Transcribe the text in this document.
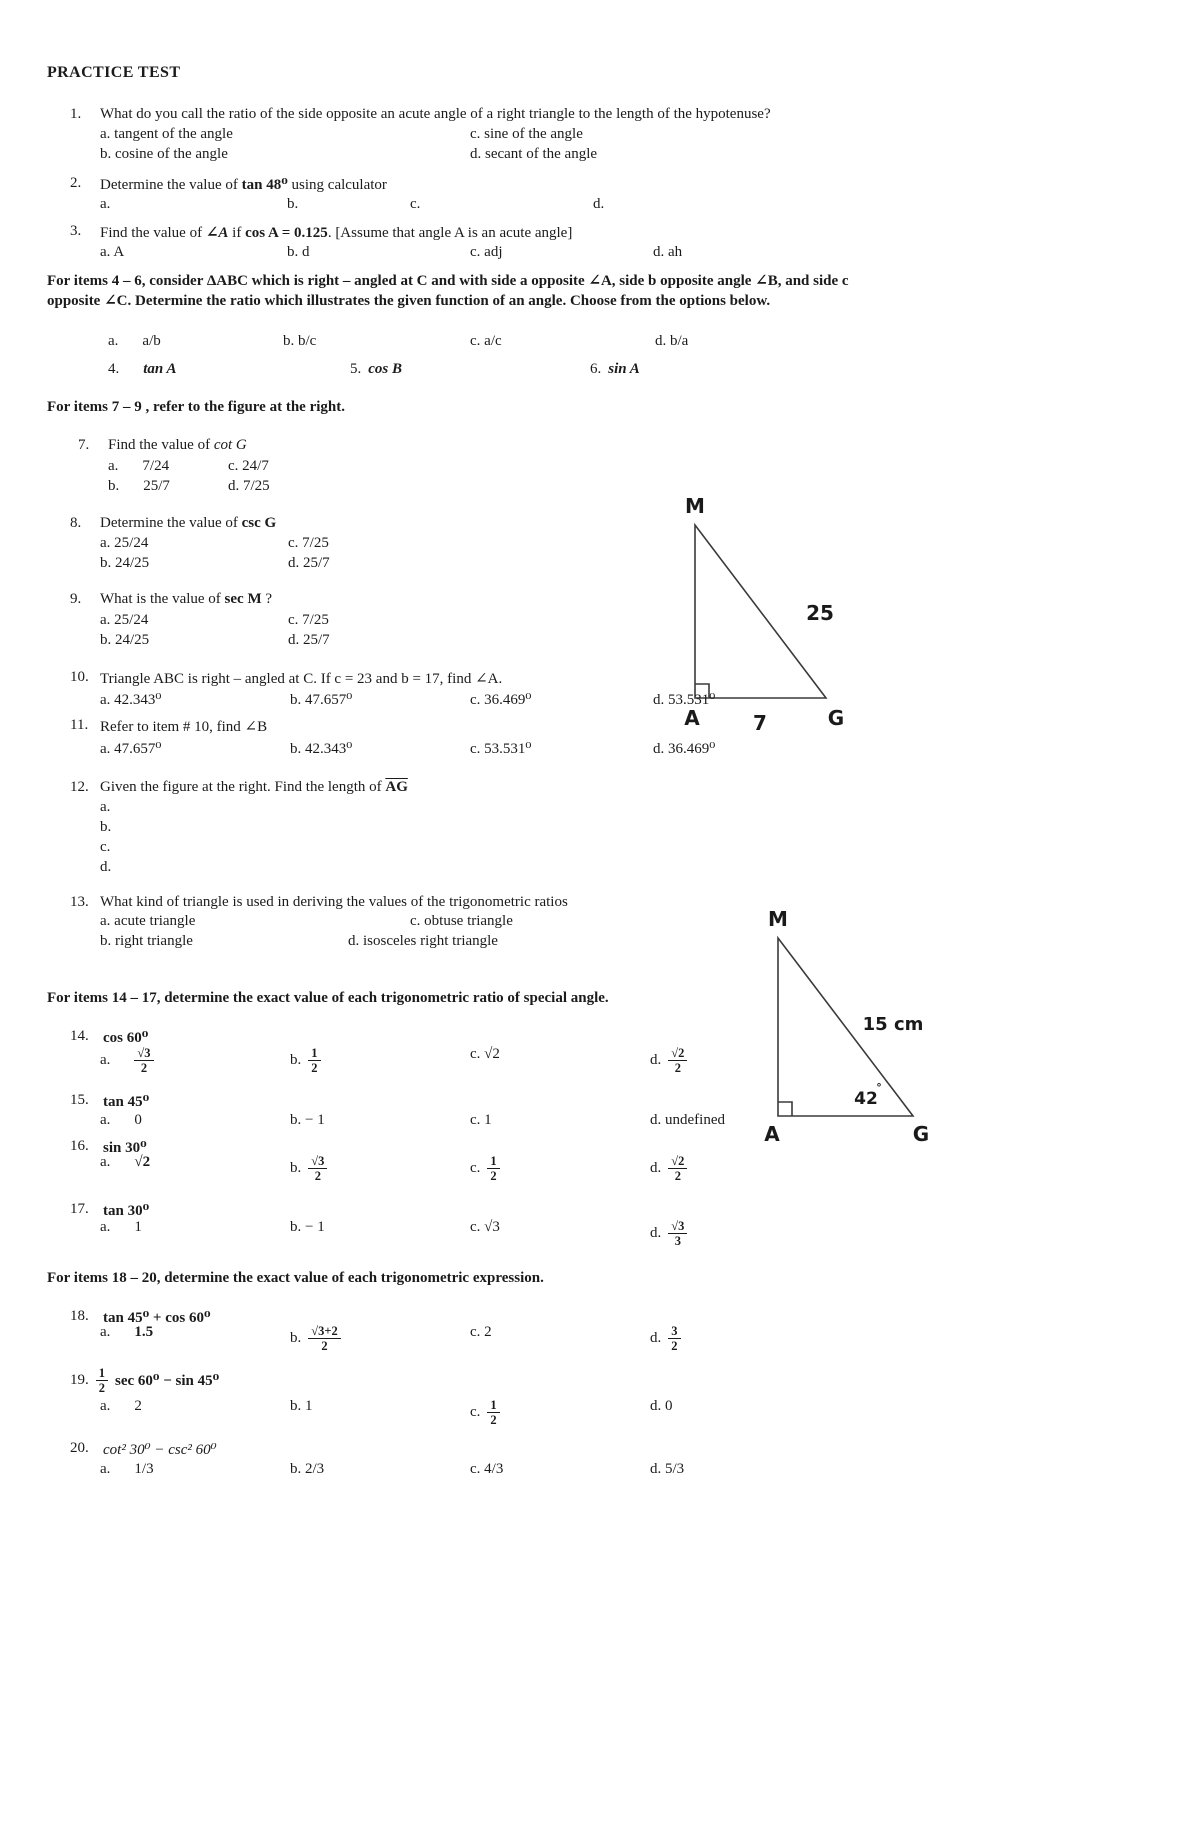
PRACTICE TEST
1. What do you call the ratio of the side opposite an acute angle of a right triangle to the length of the hypotenuse?
a. tangent of the angle	c. sine of the angle
b. cosine of the angle	d. secant of the angle
2. Determine the value of tan 48⁰ using calculator
a.	b.	c.	d.
3. Find the value of ∠A if cos A = 0.125. [Assume that angle A is an acute angle]
a. A	b. d	c. adj	d. ah
For items 4 – 6, consider ΔABC which is right – angled at C and with side a opposite ∠A, side b opposite angle ∠B, and side c
opposite ∠C. Determine the ratio which illustrates the given function of an angle. Choose from the options below.
a. a/b	b. b/c	c. a/c	d. b/a
4. tan A	5. cos B	6. sin A
For items 7 – 9 , refer to the figure at the right.
7. Find the value of cot G
a. 7/24	c. 24/7
b. 25/7	d. 7/25
8. Determine the value of csc G
a. 25/24	c. 7/25
b. 24/25	d. 25/7
9. What is the value of sec M ?
a. 25/24	c. 7/25
b. 24/25	d. 25/7
M
25
A	7	G
10. Triangle ABC is right – angled at C. If c = 23 and b = 17, find ∠A.
a. 42.343⁰	b. 47.657⁰	c. 36.469⁰	d. 53.531⁰
11. Refer to item # 10, find ∠B
a. 47.657⁰	b. 42.343⁰	c. 53.531⁰	d. 36.469⁰
12. Given the figure at the right. Find the length of $\overline{AG}$
a.
b.
c.
d.
13. What kind of triangle is used in deriving the values of the trigonometric ratios
a. acute triangle	c. obtuse triangle
b. right triangle	d. isosceles right triangle
M
15 cm
42
°
A	G
For items 14 – 17, determine the exact value of each trigonometric ratio of special angle.
14. cos 60⁰
a. $\frac{√3}{2}$	b. $\frac{1}{2}$	c. √2	d. $\frac{√2}{2}$
15. tan 45⁰
a. 0	b. − 1	c. 1	d. undefined
16. sin 30⁰
a. √2	b. $\frac{√3}{2}$	c. $\frac{1}{2}$	d. $\frac{√2}{2}$
17. tan 30⁰
a. 1	b. − 1	c. √3	d. $\frac{√3}{3}$
For items 18 – 20, determine the exact value of each trigonometric expression.
18. tan 45⁰ + cos 60⁰
a. 1.5	b. $\frac{√3+2}{2}$	c. 2	d. $\frac{3}{2}$
19. $\frac{1}{2}$ sec 60⁰ − sin 45⁰
a. 2	b. 1	c. $\frac{1}{2}$	d. 0
20. cot² 30⁰ − csc² 60⁰
a. 1/3	b. 2/3	c. 4/3	d. 5/3
